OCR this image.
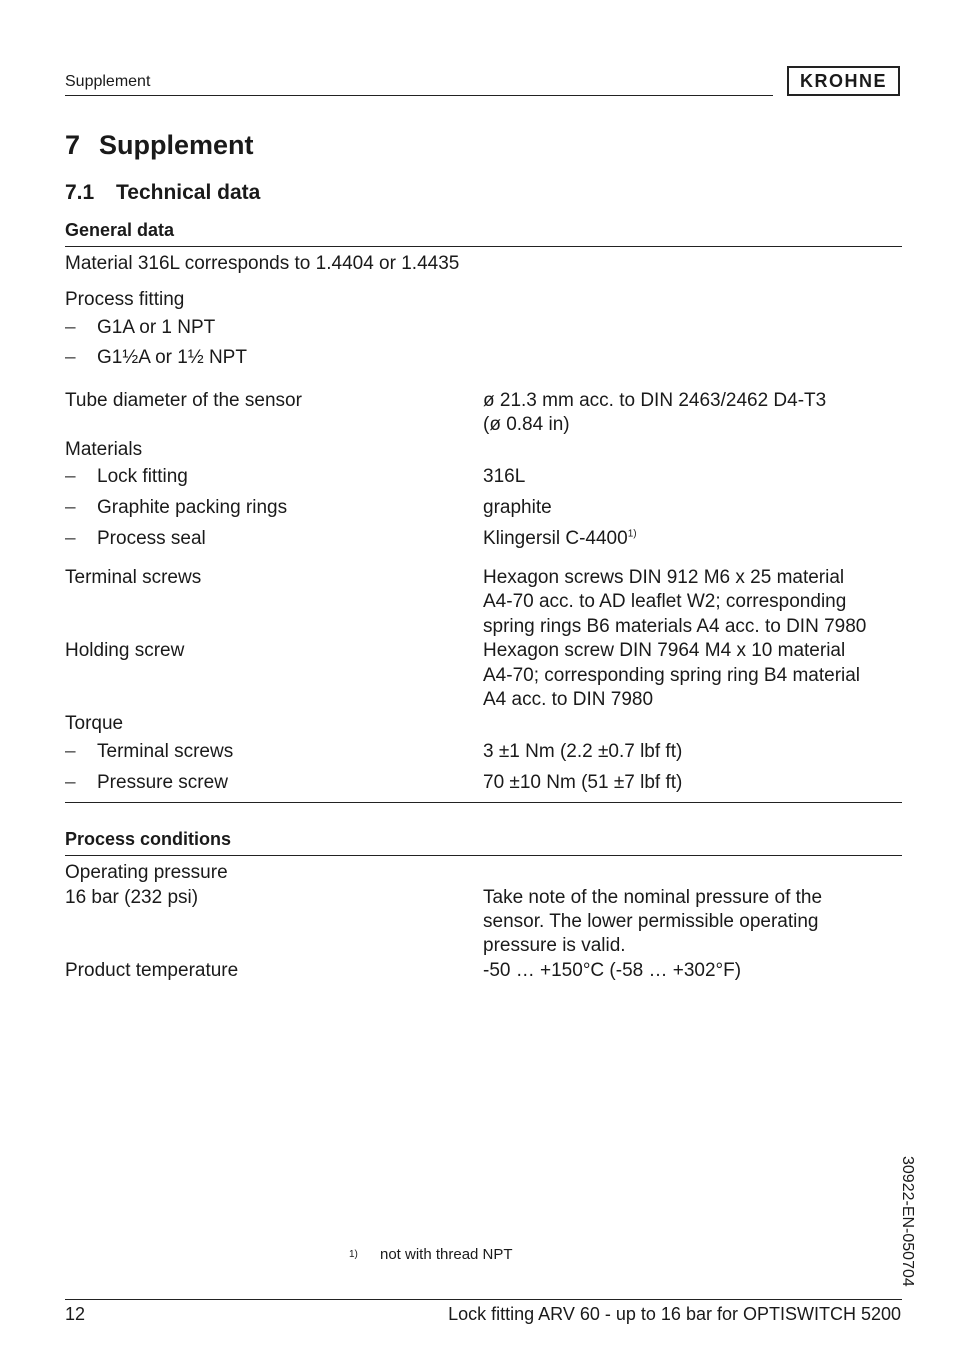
Supplement	KROHNE
7 Supplement
7.1 Technical data
General data
Material 316L corresponds to 1.4404 or 1.4435
Process fitting
– G1A or 1 NPT
– G1½A or 1½ NPT
Tube diameter of the sensor	ø 21.3 mm acc. to DIN 2463/2462 D4-T3
(ø 0.84 in)
Materials
– Lock fitting	316L
– Graphite packing rings	graphite
– Process seal	Klingersil C-4400$^{1)}$
Terminal screws	Hexagon screws DIN 912 M6 x 25 material
A4-70 acc. to AD leaflet W2; corresponding
spring rings B6 materials A4 acc. to DIN 7980
Holding screw	Hexagon screw DIN 7964 M4 x 10 material
A4-70; corresponding spring ring B4 material
A4 acc. to DIN 7980
Torque
– Terminal screws	3 ±1 Nm (2.2 ±0.7 lbf ft)
– Pressure screw	70 ±10 Nm (51 ±7 lbf ft)
Process conditions
Operating pressure
16 bar (232 psi)	Take note of the nominal pressure of the
sensor. The lower permissible operating
pressure is valid.
Product temperature	-50 … +150°C (-58 … +302°F)
1) not with thread NPT	30922-EN-050704
12	Lock fitting ARV 60 - up to 16 bar for OPTISWITCH 5200
